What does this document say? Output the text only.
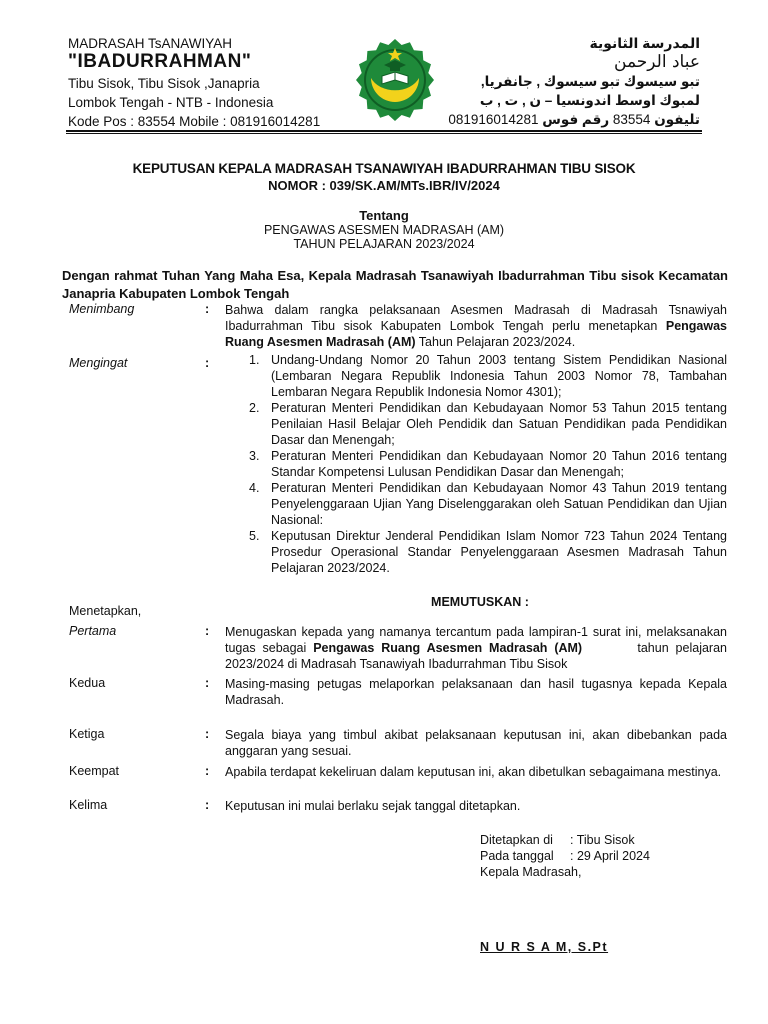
MADRASAH TsANAWIYAH
"IBADURRAHMAN"
Tibu Sisok, Tibu Sisok ,Janapria
Lombok Tengah - NTB - Indonesia
Kode Pos : 83554 Mobile : 081916014281
المدرسة الثانوية
عباد الرحمن
تبو سيسوك تبو سيسوك , جانفريا,
لمبوك اوسط اندونسيا – ن , ت , ب
081916014281	تليفون 83554 رقم فوس
KEPUTUSAN KEPALA MADRASAH TSANAWIYAH IBADURRAHMAN TIBU SISOK
NOMOR : 039/SK.AM/MTs.IBR/IV/2024
Tentang
PENGAWAS ASESMEN MADRASAH (AM)
TAHUN PELAJARAN 2023/2024
Dengan rahmat Tuhan Yang Maha Esa, Kepala Madrasah Tsanawiyah Ibadurrahman Tibu sisok Kecamatan Janapria Kabupaten Lombok Tengah
Menimbang	: Bahwa dalam rangka pelaksanaan Asesmen Madrasah di Madrasah Tsnawiyah Ibadurrahman Tibu sisok Kabupaten Lombok Tengah perlu menetapkan Pengawas Ruang Asesmen Madrasah (AM) Tahun Pelajaran 2023/2024.
Mengingat	:	1. Undang-Undang Nomor 20 Tahun 2003 tentang Sistem Pendidikan Nasional (Lembaran Negara Republik Indonesia Tahun 2003 Nomor 78, Tambahan Lembaran Negara Republik Indonesia Nomor 4301);
2. Peraturan Menteri Pendidikan dan Kebudayaan Nomor 53 Tahun 2015 tentang Penilaian Hasil Belajar Oleh Pendidik dan Satuan Pendidikan pada Pendidikan Dasar dan Menengah;
3. Peraturan Menteri Pendidikan dan Kebudayaan Nomor 20 Tahun 2016 tentang Standar Kompetensi Lulusan Pendidikan Dasar dan Menengah;
4. Peraturan Menteri Pendidikan dan Kebudayaan Nomor 43 Tahun 2019 tentang Penyelenggaraan Ujian Yang Diselenggarakan oleh Satuan Pendidikan dan Ujian Nasional:
5. Keputusan Direktur Jenderal Pendidikan Islam Nomor 723 Tahun 2024 Tentang Prosedur Operasional Standar Penyelenggaraan Asesmen Madrasah Tahun Pelajaran 2023/2024.
MEMUTUSKAN :
Menetapkan,
Pertama	: Menugaskan kepada yang namanya tercantum pada lampiran-1 surat ini, melaksanakan tugas sebagai Pengawas Ruang Asesmen Madrasah (AM)        tahun pelajaran 2023/2024 di Madrasah Tsanawiyah Ibadurrahman Tibu Sisok
Kedua	: Masing-masing petugas melaporkan pelaksanaan dan hasil tugasnya kepada Kepala Madrasah.
Ketiga	: Segala biaya yang timbul akibat pelaksanaan keputusan ini, akan dibebankan pada anggaran yang sesuai.
Keempat	: Apabila terdapat kekeliruan dalam keputusan ini, akan dibetulkan sebagaimana mestinya.
Kelima	: Keputusan ini mulai berlaku sejak tanggal ditetapkan.
Ditetapkan di : Tibu Sisok
Pada tanggal : 29 April 2024
Kepala Madrasah,
N U R S A M, S.Pt
